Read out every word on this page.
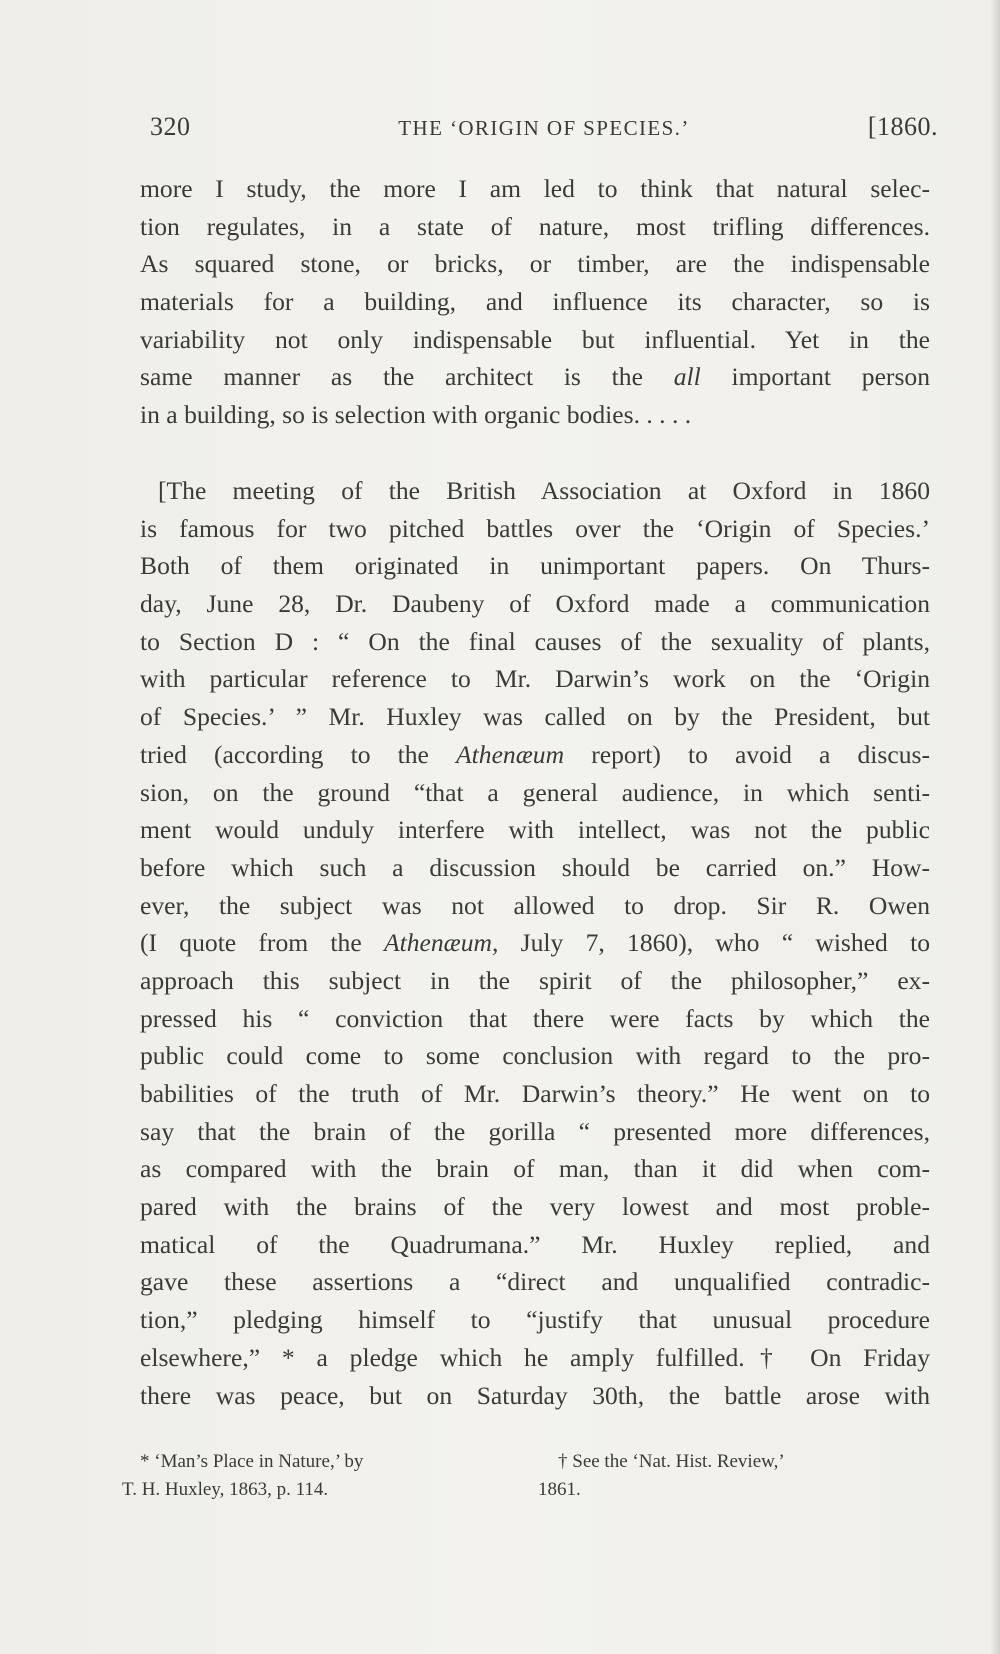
320	THE ‘ORIGIN OF SPECIES.’	[1860.
more I study, the more I am led to think that natural selec-
tion regulates, in a state of nature, most trifling differences.
As squared stone, or bricks, or timber, are the indispensable
materials for a building, and influence its character, so is
variability not only indispensable but influential. Yet in the
same manner as the architect is the all important person
in a building, so is selection with organic bodies. . . . .
[The meeting of the British Association at Oxford in 1860
is famous for two pitched battles over the ‘Origin of Species.’
Both of them originated in unimportant papers. On Thurs-
day, June 28, Dr. Daubeny of Oxford made a communication
to Section D : “ On the final causes of the sexuality of plants,
with particular reference to Mr. Darwin’s work on the ‘Origin
of Species.’ ” Mr. Huxley was called on by the President, but
tried (according to the Athenæum report) to avoid a discus-
sion, on the ground “that a general audience, in which senti-
ment would unduly interfere with intellect, was not the public
before which such a discussion should be carried on.” How-
ever, the subject was not allowed to drop. Sir R. Owen
(I quote from the Athenæum, July 7, 1860), who “ wished to
approach this subject in the spirit of the philosopher,” ex-
pressed his “ conviction that there were facts by which the
public could come to some conclusion with regard to the pro-
babilities of the truth of Mr. Darwin’s theory.” He went on to
say that the brain of the gorilla “ presented more differences,
as compared with the brain of man, than it did when com-
pared with the brains of the very lowest and most proble-
matical of the Quadrumana.” Mr. Huxley replied, and
gave these assertions a “direct and unqualified contradic-
tion,” pledging himself to “justify that unusual procedure
elsewhere,” * a pledge which he amply fulfilled.† On Friday
there was peace, but on Saturday 30th, the battle arose with
* ‘Man’s Place in Nature,’ by
T. H. Huxley, 1863, p. 114.
† See the ‘Nat. Hist. Review,’
1861.
